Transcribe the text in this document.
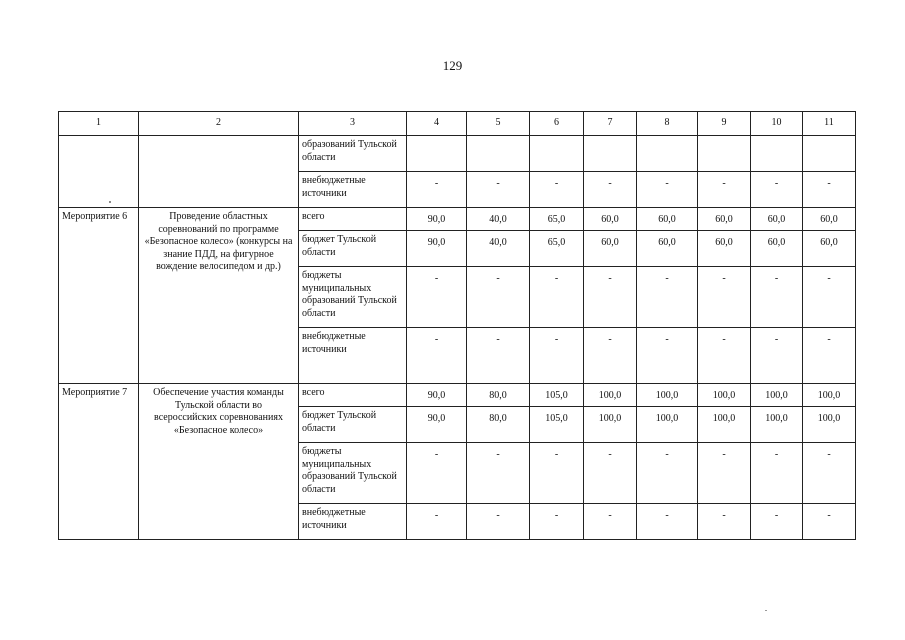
129
1	2	3	4	5	6	7	8	9	10	11
		образований Тульской области								
		внебюджетные источники	-	-	-	-	-	-	-	-
Мероприятие 6	Проведение областных соревнований по программе «Безопасное колесо» (конкурсы на знание ПДД, на фигурное вождение велосипедом и др.)	всего	90,0	40,0	65,0	60,0	60,0	60,0	60,0	60,0
		бюджет Тульской области	90,0	40,0	65,0	60,0	60,0	60,0	60,0	60,0
		бюджеты муниципальных образований Тульской области	-	-	-	-	-	-	-	-
		внебюджетные источники	-	-	-	-	-	-	-	-
Мероприятие 7	Обеспечение участия команды Тульской области во всероссийских соревнованиях «Безопасное колесо»	всего	90,0	80,0	105,0	100,0	100,0	100,0	100,0	100,0
		бюджет Тульской области	90,0	80,0	105,0	100,0	100,0	100,0	100,0	100,0
		бюджеты муниципальных образований Тульской области	-	-	-	-	-	-	-	-
		внебюджетные источники	-	-	-	-	-	-	-	-
